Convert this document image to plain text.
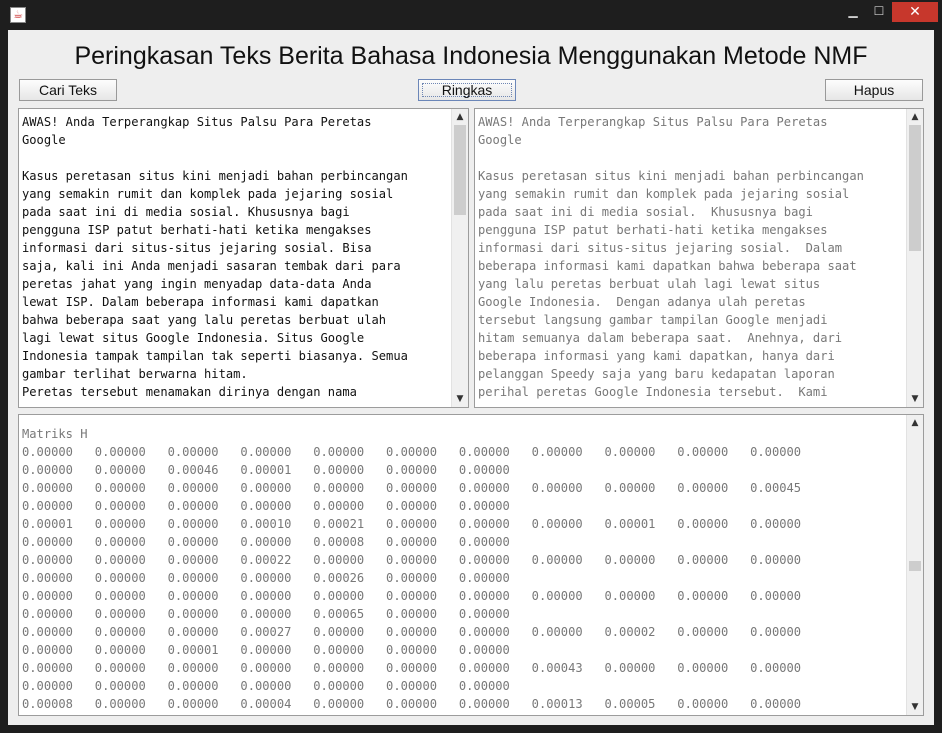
☕	▁	☐	✕
Peringkasan Teks Berita Bahasa Indonesia Menggunakan Metode NMF
Cari Teks	Ringkas	Hapus
AWAS! Anda Terperangkap Situs Palsu Para Peretas
Google

Kasus peretasan situs kini menjadi bahan perbincangan
yang semakin rumit dan komplek pada jejaring sosial
pada saat ini di media sosial. Khususnya bagi
pengguna ISP patut berhati-hati ketika mengakses
informasi dari situs-situs jejaring sosial. Bisa
saja, kali ini Anda menjadi sasaran tembak dari para
peretas jahat yang ingin menyadap data-data Anda
lewat ISP. Dalam beberapa informasi kami dapatkan
bahwa beberapa saat yang lalu peretas berbuat ulah
lagi lewat situs Google Indonesia. Situs Google
Indonesia tampak tampilan tak seperti biasanya. Semua
gambar terlihat berwarna hitam.
Peretas tersebut menamakan dirinya dengan nama
▲
▼
AWAS! Anda Terperangkap Situs Palsu Para Peretas
Google

Kasus peretasan situs kini menjadi bahan perbincangan
yang semakin rumit dan komplek pada jejaring sosial
pada saat ini di media sosial.  Khususnya bagi
pengguna ISP patut berhati-hati ketika mengakses
informasi dari situs-situs jejaring sosial.  Dalam
beberapa informasi kami dapatkan bahwa beberapa saat
yang lalu peretas berbuat ulah lagi lewat situs
Google Indonesia.  Dengan adanya ulah peretas
tersebut langsung gambar tampilan Google menjadi
hitam semuanya dalam beberapa saat.  Anehnya, dari
beberapa informasi yang kami dapatkan, hanya dari
pelanggan Speedy saja yang baru kedapatan laporan
perihal peretas Google Indonesia tersebut.  Kami
▲
▼
Matriks H
0.00000   0.00000   0.00000   0.00000   0.00000   0.00000   0.00000   0.00000   0.00000   0.00000   0.00000
0.00000   0.00000   0.00046   0.00001   0.00000   0.00000   0.00000
0.00000   0.00000   0.00000   0.00000   0.00000   0.00000   0.00000   0.00000   0.00000   0.00000   0.00045
0.00000   0.00000   0.00000   0.00000   0.00000   0.00000   0.00000
0.00001   0.00000   0.00000   0.00010   0.00021   0.00000   0.00000   0.00000   0.00001   0.00000   0.00000
0.00000   0.00000   0.00000   0.00000   0.00008   0.00000   0.00000
0.00000   0.00000   0.00000   0.00022   0.00000   0.00000   0.00000   0.00000   0.00000   0.00000   0.00000
0.00000   0.00000   0.00000   0.00000   0.00026   0.00000   0.00000
0.00000   0.00000   0.00000   0.00000   0.00000   0.00000   0.00000   0.00000   0.00000   0.00000   0.00000
0.00000   0.00000   0.00000   0.00000   0.00065   0.00000   0.00000
0.00000   0.00000   0.00000   0.00027   0.00000   0.00000   0.00000   0.00000   0.00002   0.00000   0.00000
0.00000   0.00000   0.00001   0.00000   0.00000   0.00000   0.00000
0.00000   0.00000   0.00000   0.00000   0.00000   0.00000   0.00000   0.00043   0.00000   0.00000   0.00000
0.00000   0.00000   0.00000   0.00000   0.00000   0.00000   0.00000
0.00008   0.00000   0.00000   0.00004   0.00000   0.00000   0.00000   0.00013   0.00005   0.00000   0.00000
▲
▼
